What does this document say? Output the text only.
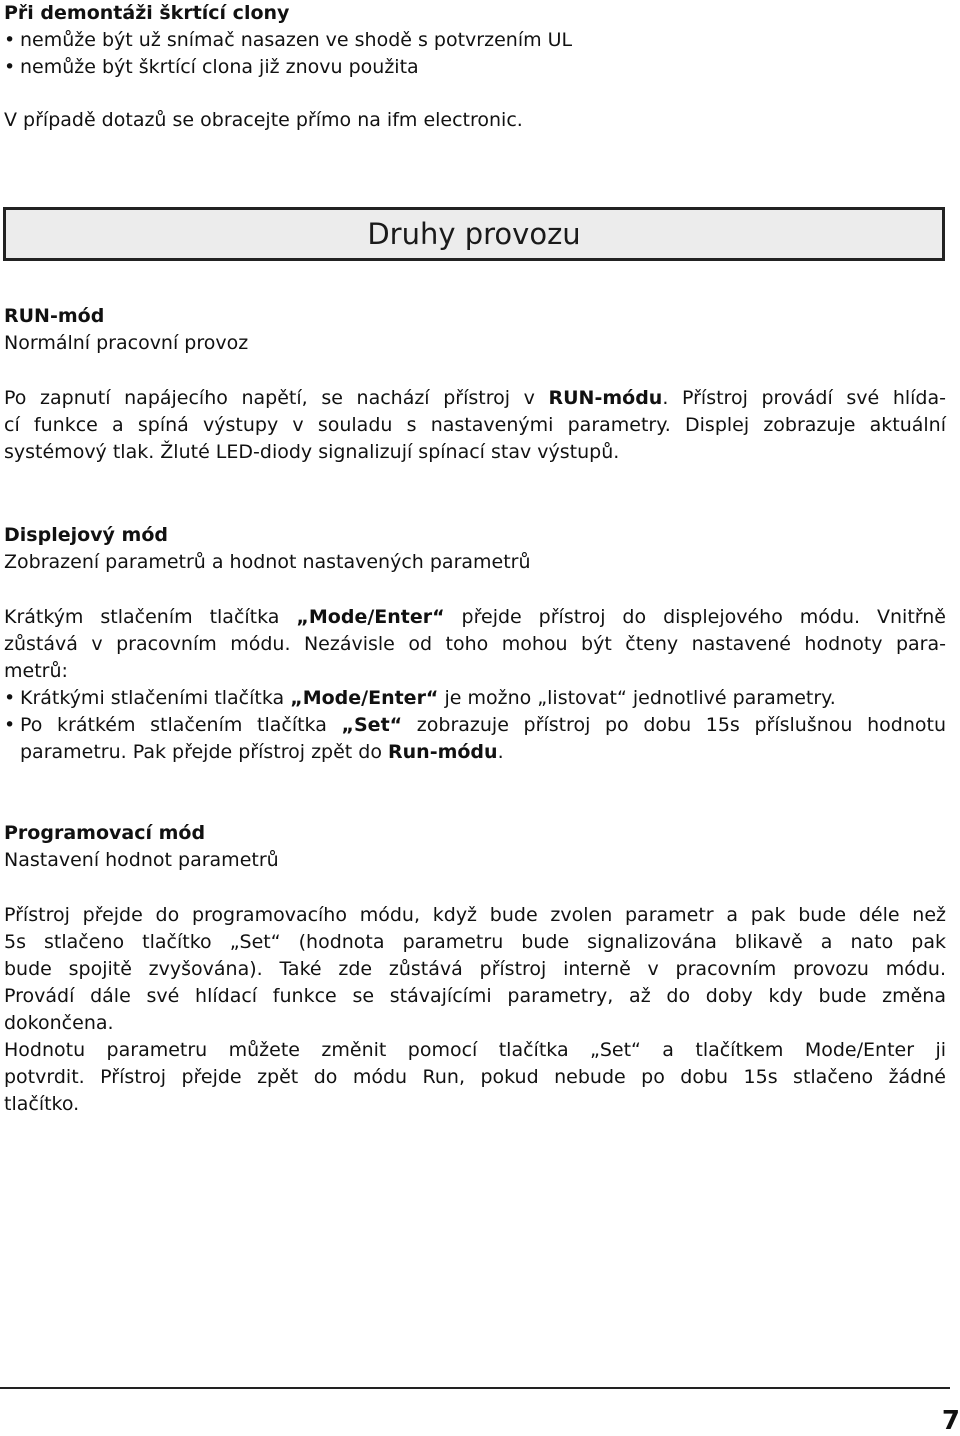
Při demontáži škrtící clony

• nemůže být už snímač nasazen ve shodě s potvrzením UL

• nemůže být škrtící clona již znovu použita

V případě dotazů se obracejte přímo na ifm electronic.

Druhy provozu

RUN-mód

Normální pracovní provoz

Po zapnutí napájecího napětí, se nachází přístroj v RUN-módu. Přístroj provádí své hlída-

cí funkce a spíná výstupy v souladu s nastavenými parametry. Displej zobrazuje aktuální

systémový tlak. Žluté LED-diody signalizují spínací stav výstupů.

Displejový mód

Zobrazení parametrů a hodnot nastavených parametrů

Krátkým stlačením tlačítka „Mode/Enter“ přejde přístroj do displejového módu. Vnitřně

zůstává v pracovním módu. Nezávisle od toho mohou být čteny nastavené hodnoty para-

metrů:

• Krátkými stlačeními tlačítka „Mode/Enter“ je možno „listovat“ jednotlivé parametry.

• Po krátkém stlačením tlačítka „Set“ zobrazuje přístroj po dobu 15s příslušnou hodnotu

parametru. Pak přejde přístroj zpět do Run-módu.

Programovací mód

Nastavení hodnot parametrů

Přístroj přejde do programovacího módu, když bude zvolen parametr a pak bude déle než

5s stlačeno tlačítko „Set“ (hodnota parametru bude signalizována blikavě a nato pak

bude spojitě zvyšována). Také zde zůstává přístroj interně v pracovním provozu módu.

Provádí dále své hlídací funkce se stávajícími parametry, až do doby kdy bude změna

dokončena.

Hodnotu parametru můžete změnit pomocí tlačítka „Set“ a tlačítkem Mode/Enter ji

potvrdit. Přístroj přejde zpět do módu Run, pokud nebude po dobu 15s stlačeno žádné

tlačítko.

7
